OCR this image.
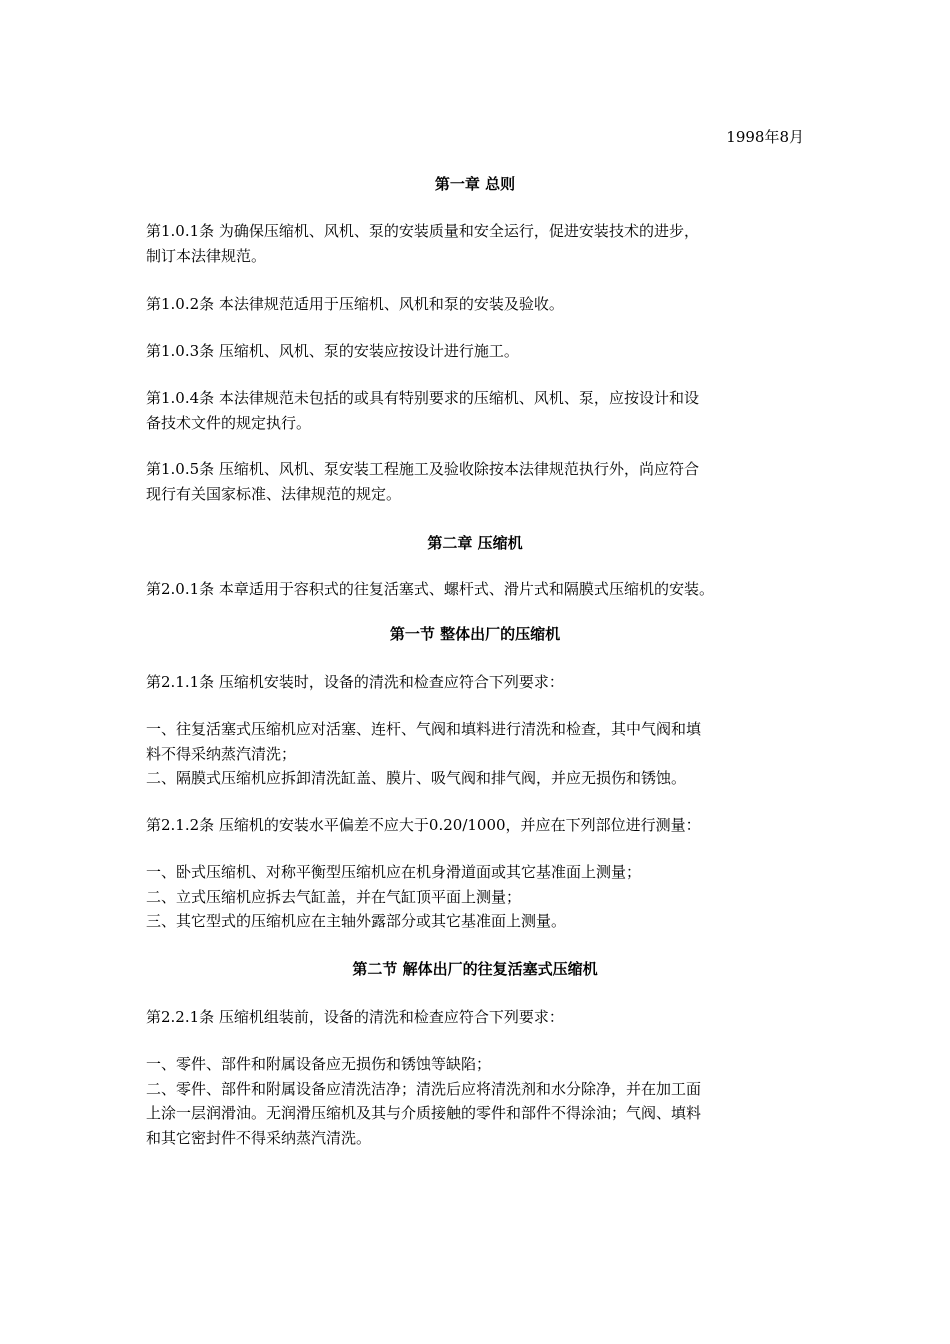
1998年8月
第一章 总则
第1.0.1条 为确保压缩机、风机、泵的安装质量和安全运行，促进安装技术的进步，
制订本法律规范。
第1.0.2条 本法律规范适用于压缩机、风机和泵的安装及验收。
第1.0.3条 压缩机、风机、泵的安装应按设计进行施工。
第1.0.4条 本法律规范未包括的或具有特别要求的压缩机、风机、泵，应按设计和设
备技术文件的规定执行。
第1.0.5条 压缩机、风机、泵安装工程施工及验收除按本法律规范执行外，尚应符合
现行有关国家标准、法律规范的规定。
第二章 压缩机
第2.0.1条 本章适用于容积式的往复活塞式、螺杆式、滑片式和隔膜式压缩机的安装。
第一节 整体出厂的压缩机
第2.1.1条 压缩机安装时，设备的清洗和检查应符合下列要求：
一、往复活塞式压缩机应对活塞、连杆、气阀和填料进行清洗和检查，其中气阀和填
料不得采纳蒸汽清洗；
二、隔膜式压缩机应拆卸清洗缸盖、膜片、吸气阀和排气阀，并应无损伤和锈蚀。
第2.1.2条 压缩机的安装水平偏差不应大于0.20/1000，并应在下列部位进行测量：
一、卧式压缩机、对称平衡型压缩机应在机身滑道面或其它基准面上测量；
二、立式压缩机应拆去气缸盖，并在气缸顶平面上测量；
三、其它型式的压缩机应在主轴外露部分或其它基准面上测量。
第二节 解体出厂的往复活塞式压缩机
第2.2.1条 压缩机组装前，设备的清洗和检查应符合下列要求：
一、零件、部件和附属设备应无损伤和锈蚀等缺陷；
二、零件、部件和附属设备应清洗洁净；清洗后应将清洗剂和水分除净，并在加工面
上涂一层润滑油。无润滑压缩机及其与介质接触的零件和部件不得涂油；气阀、填料
和其它密封件不得采纳蒸汽清洗。
